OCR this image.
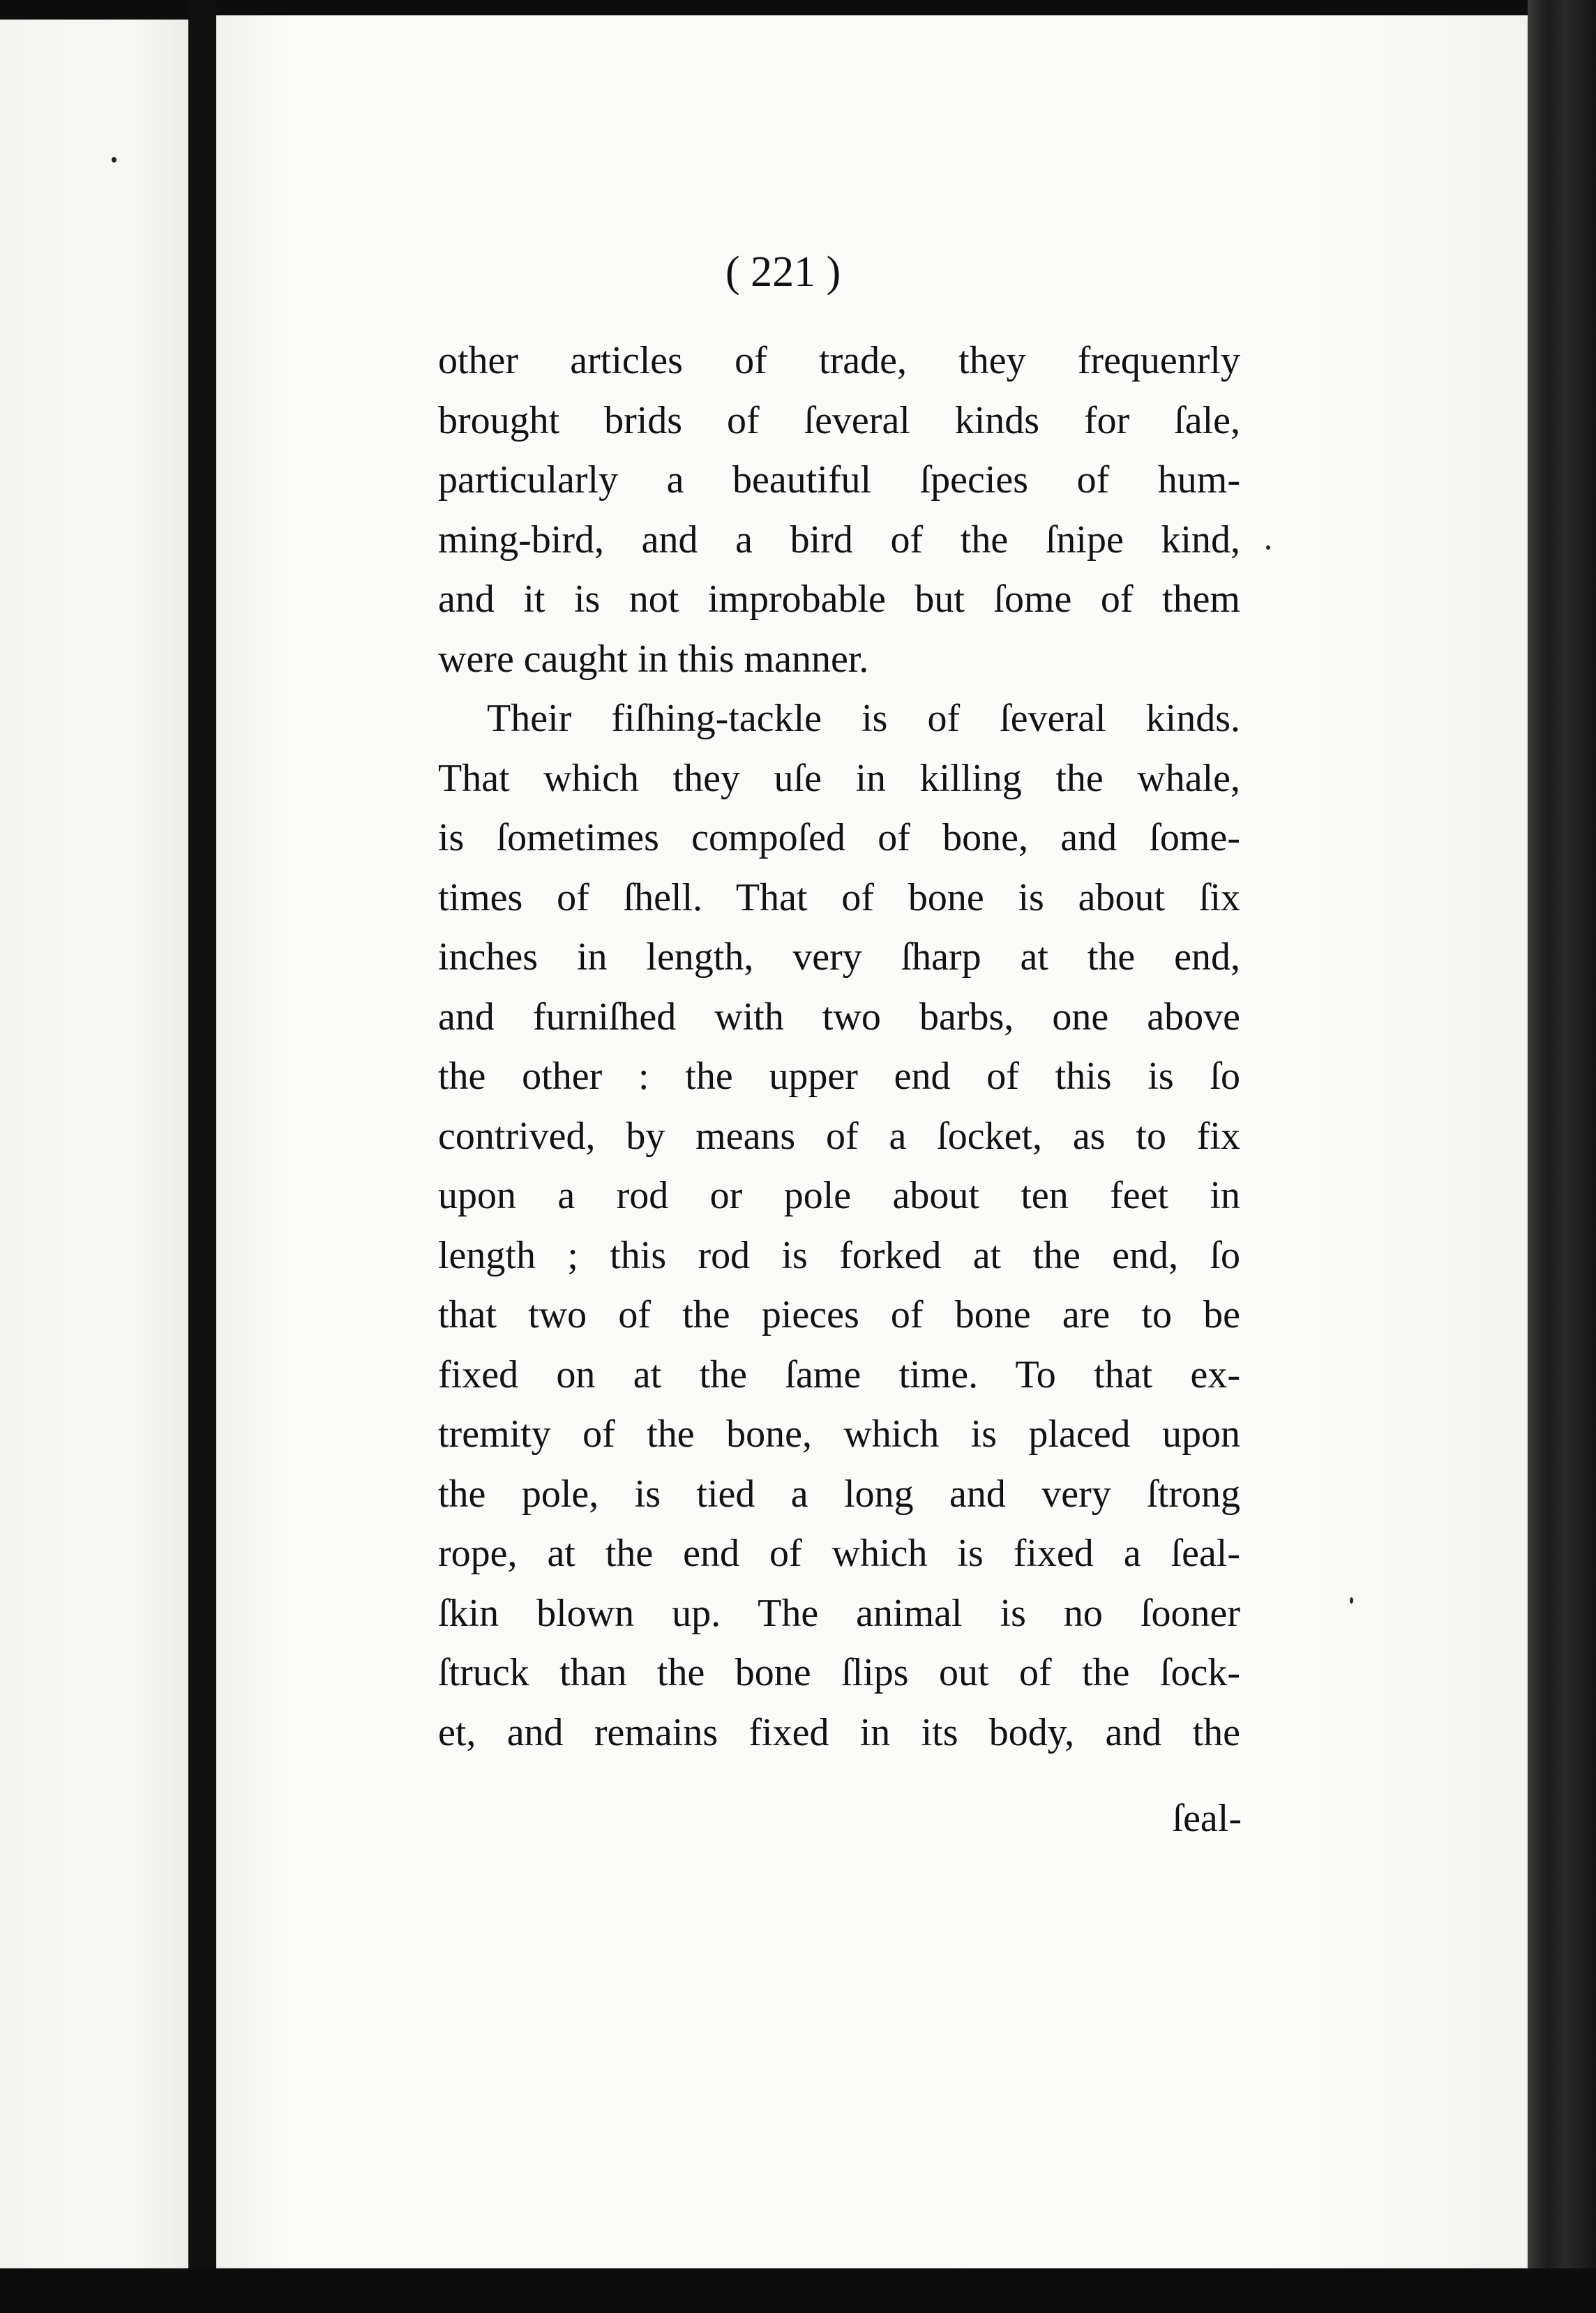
( 221 )
other articles of trade, they frequenrly
brought brids of ſeveral kinds for ſale,
particularly a beautiful ſpecies of hum-
ming-bird, and a bird of the ſnipe kind,
and it is not improbable but ſome of them
were caught in this manner.
Their fiſhing-tackle is of ſeveral kinds.
That which they uſe in killing the whale,
is ſometimes compoſed of bone, and ſome-
times of ſhell. That of bone is about ſix
inches in length, very ſharp at the end,
and furniſhed with two barbs, one above
the other : the upper end of this is ſo
contrived, by means of a ſocket, as to fix
upon a rod or pole about ten feet in
length ; this rod is forked at the end, ſo
that two of the pieces of bone are to be
fixed on at the ſame time. To that ex-
tremity of the bone, which is placed upon
the pole, is tied a long and very ſtrong
rope, at the end of which is fixed a ſeal-
ſkin blown up. The animal is no ſooner
ſtruck than the bone ſlips out of the ſock-
et, and remains fixed in its body, and the
ſeal-
